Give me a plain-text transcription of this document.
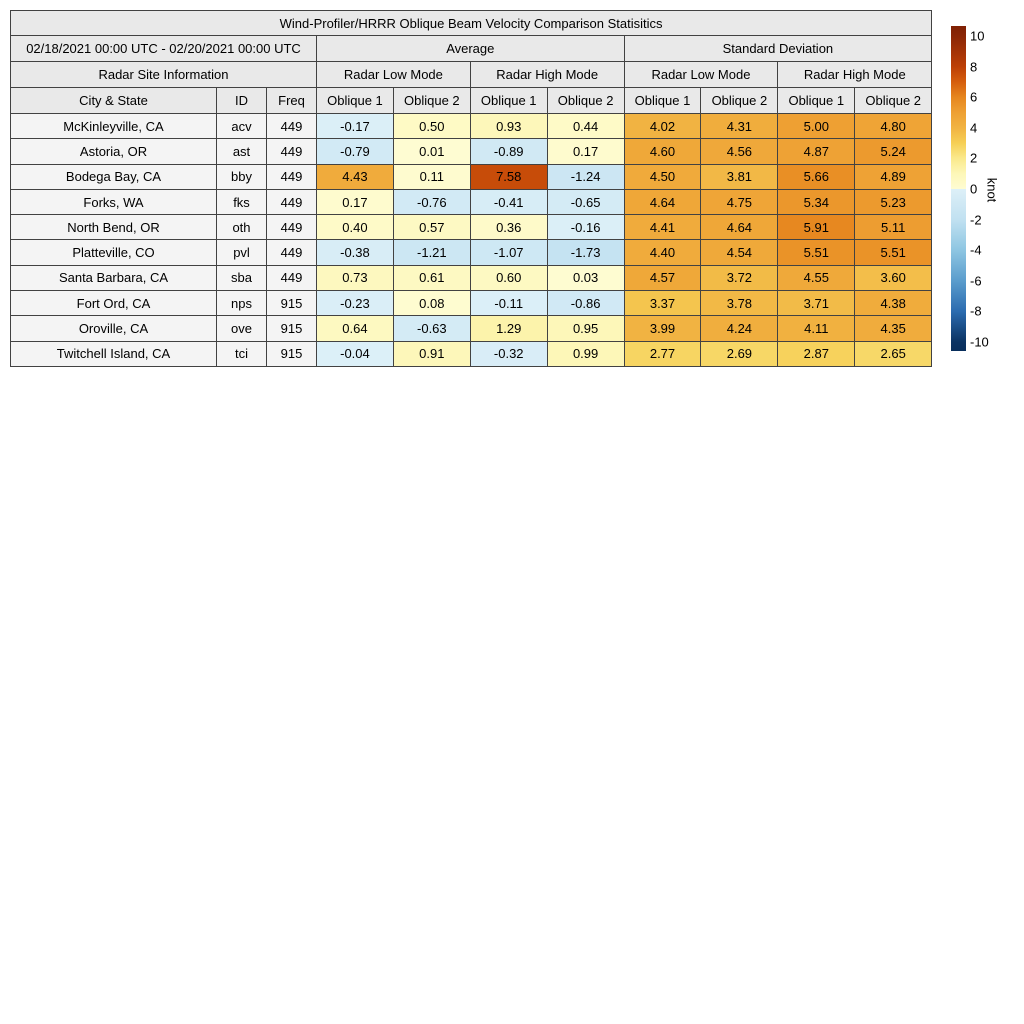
Wind-Profiler/HRRR Oblique Beam Velocity Comparison Statisitics										
02/18/2021 00:00 UTC - 02/20/2021 00:00 UTC			Average				Standard Deviation			
Radar Site Information			Radar Low Mode		Radar High Mode		Radar Low Mode		Radar High Mode	
City & State	ID	Freq	Oblique 1	Oblique 2	Oblique 1	Oblique 2	Oblique 1	Oblique 2	Oblique 1	Oblique 2
McKinleyville, CA	acv	449	-0.17	0.50	0.93	0.44	4.02	4.31	5.00	4.80
Astoria, OR	ast	449	-0.79	0.01	-0.89	0.17	4.60	4.56	4.87	5.24
Bodega Bay, CA	bby	449	4.43	0.11	7.58	-1.24	4.50	3.81	5.66	4.89
Forks, WA	fks	449	0.17	-0.76	-0.41	-0.65	4.64	4.75	5.34	5.23
North Bend, OR	oth	449	0.40	0.57	0.36	-0.16	4.41	4.64	5.91	5.11
Platteville, CO	pvl	449	-0.38	-1.21	-1.07	-1.73	4.40	4.54	5.51	5.51
Santa Barbara, CA	sba	449	0.73	0.61	0.60	0.03	4.57	3.72	4.55	3.60
Fort Ord, CA	nps	915	-0.23	0.08	-0.11	-0.86	3.37	3.78	3.71	4.38
Oroville, CA	ove	915	0.64	-0.63	1.29	0.95	3.99	4.24	4.11	4.35
Twitchell Island, CA	tci	915	-0.04	0.91	-0.32	0.99	2.77	2.69	2.87	2.65
10
8
6
4
2
0
-2
-4
-6
-8
-10
knot
